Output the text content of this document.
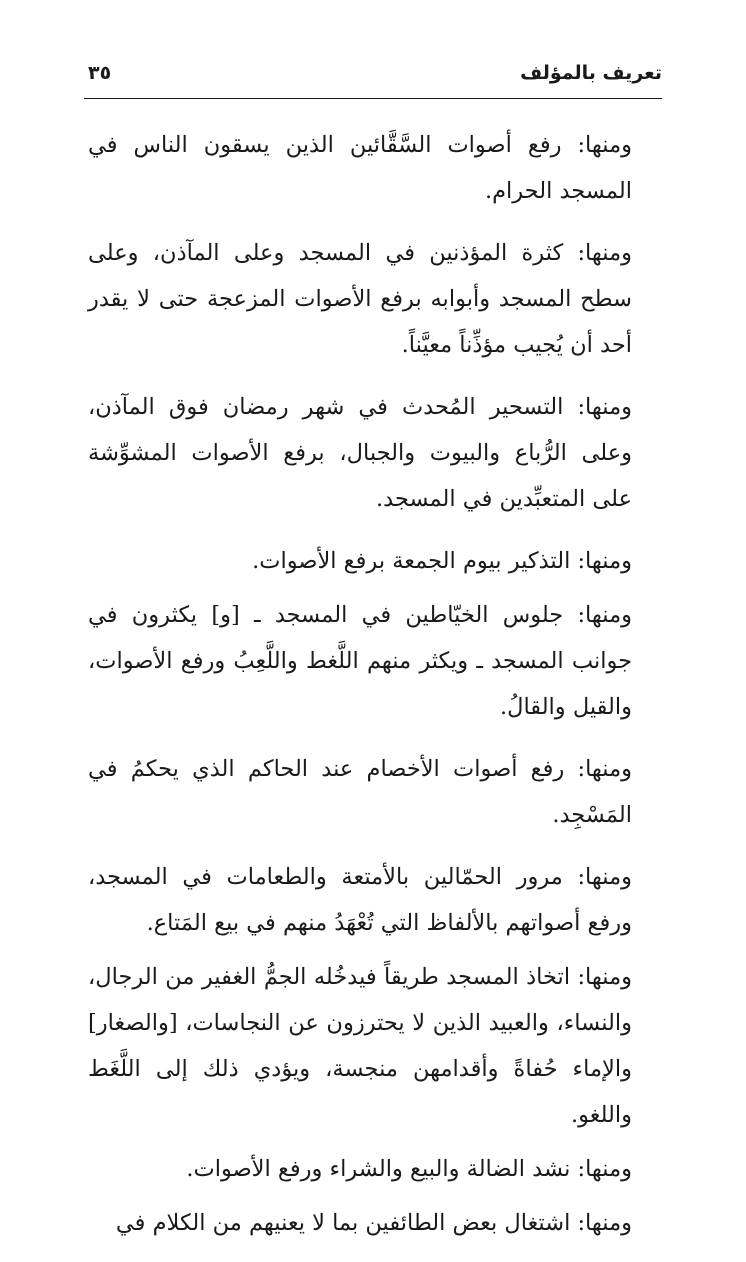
تعريف بالمؤلف
٣٥

ومنها: رفع أصوات السَّقَّائين الذين يسقون الناس في المسجد الحرام.

ومنها: كثرة المؤذنين في المسجد وعلى المآذن، وعلى سطح المسجد وأبوابه برفع الأصوات المزعجة حتى لا يقدر أحد أن يُجيب مؤذِّناً معيَّناً.

ومنها: التسحير المُحدث في شهر رمضان فوق المآذن، وعلى الرُّباع والبيوت والجبال، برفع الأصوات المشوِّشة على المتعبِّدين في المسجد.

ومنها: التذكير بيوم الجمعة برفع الأصوات.

ومنها: جلوس الخيّاطين في المسجد ـ [و] يكثرون في جوانب المسجد ـ ويكثر منهم اللَّغط واللَّعِبُ ورفع الأصوات، والقيل والقالُ.

ومنها: رفع أصوات الأخصام عند الحاكم الذي يحكمُ في المَسْجِد.

ومنها: مرور الحمّالين بالأمتعة والطعامات في المسجد، ورفع أصواتهم بالألفاظ التي تُعْهَدُ منهم في بيع المَتاع.

ومنها: اتخاذ المسجد طريقاً فيدخُله الجمُّ الغفير من الرجال، والنساء، والعبيد الذين لا يحترزون عن النجاسات، [والصغار] والإماء حُفاةً وأقدامهن منجسة، ويؤدي ذلك إلى اللَّغَط واللغو.

ومنها: نشد الضالة والبيع والشراء ورفع الأصوات.

ومنها: اشتغال بعض الطائفين بما لا يعنيهم من الكلام في
